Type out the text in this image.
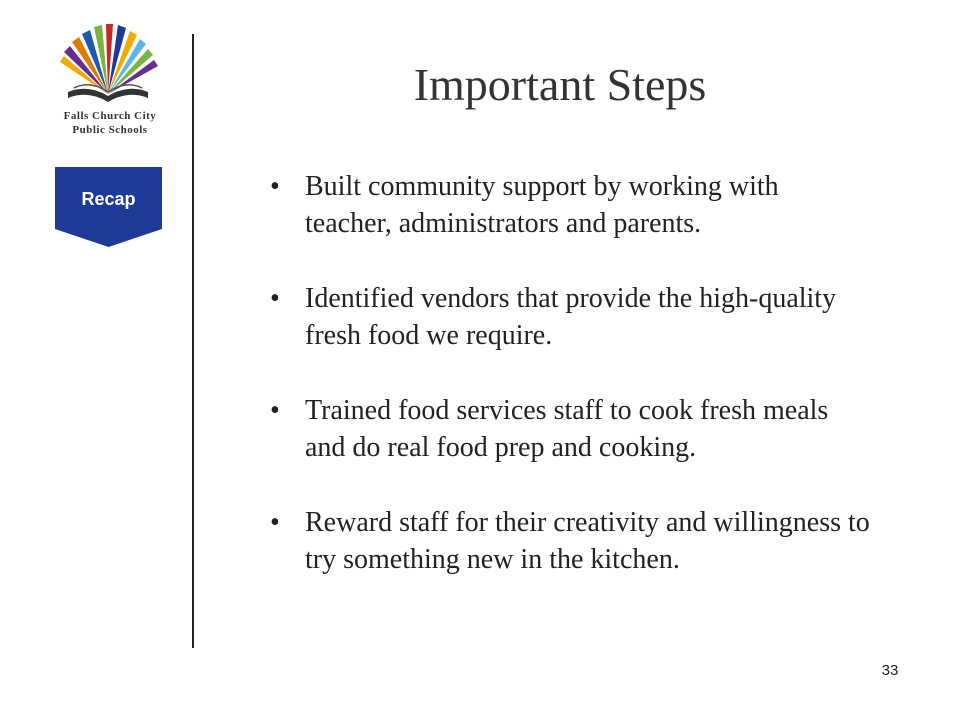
Falls Church City
Public Schools
Recap
Important Steps
• Built community support by working with teacher, administrators and parents.
• Identified vendors that provide the high-quality fresh food we require.
• Trained food services staff to cook fresh meals and do real food prep and cooking.
• Reward staff for their creativity and willingness to try something new in the kitchen.
33
